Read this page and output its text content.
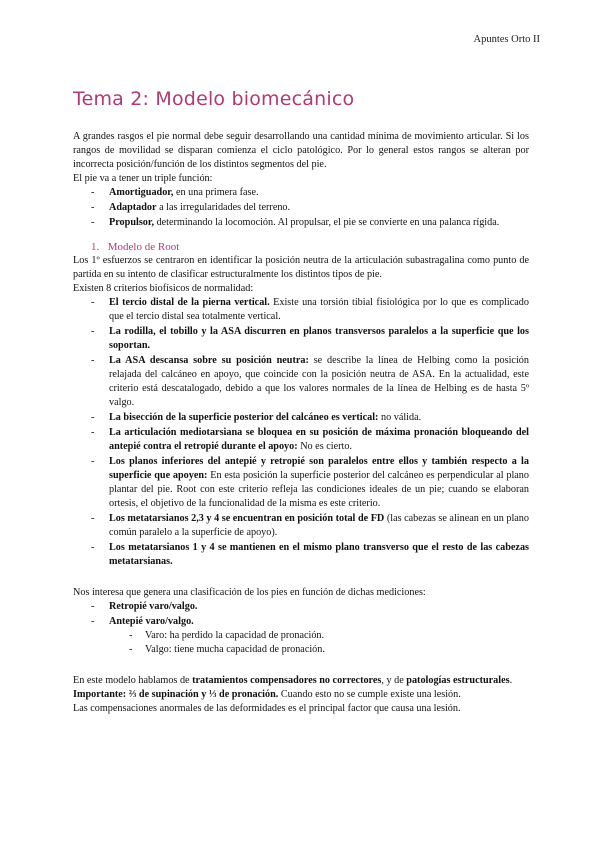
Apuntes Orto II
Tema 2: Modelo biomecánico

A grandes rasgos el pie normal debe seguir desarrollando una cantidad mínima de movimiento articular. Si los rangos de movilidad se disparan comienza el ciclo patológico. Por lo general estos rangos se alteran por incorrecta posición/función de los distintos segmentos del pie.

El pie va a tener un triple función:

- Amortiguador, en una primera fase.
- Adaptador a las irregularidades del terreno.
- Propulsor, determinando la locomoción. Al propulsar, el pie se convierte en una palanca rígida.
1. Modelo de Root

Los 1º esfuerzos se centraron en identificar la posición neutra de la articulación subastragalina como punto de partida en su intento de clasificar estructuralmente los distintos tipos de pie.

Existen 8 criterios biofísicos de normalidad:

- El tercio distal de la pierna vertical. Existe una torsión tibial fisiológica por lo que es complicado que el tercio distal sea totalmente vertical.
- La rodilla, el tobillo y la ASA discurren en planos transversos paralelos a la superficie que los soportan.
- La ASA descansa sobre su posición neutra: se describe la línea de Helbing como la posición relajada del calcáneo en apoyo, que coincide con la posición neutra de ASA. En la actualidad, este criterio está descatalogado, debido a que los valores normales de la línea de Helbing es de hasta 5º valgo.
- La bisección de la superficie posterior del calcáneo es vertical: no válida.
- La articulación mediotarsiana se bloquea en su posición de máxima pronación bloqueando del antepié contra el retropié durante el apoyo: No es cierto.
- Los planos inferiores del antepié y retropié son paralelos entre ellos y también respecto a la superficie que apoyen: En esta posición la superficie posterior del calcáneo es perpendicular al plano plantar del pie. Root con este criterio refleja las condiciones ideales de un pie; cuando se elaboran ortesis, el objetivo de la funcionalidad de la misma es este criterio.
- Los metatarsianos 2,3 y 4 se encuentran en posición total de FD (las cabezas se alinean en un plano común paralelo a la superficie de apoyo).
- Los metatarsianos 1 y 4 se mantienen en el mismo plano transverso que el resto de las cabezas metatarsianas.

Nos interesa que genera una clasificación de los pies en función de dichas mediciones:

- Retropié varo/valgo.
- Antepié varo/valgo.
- Varo: ha perdido la capacidad de pronación.
- Valgo: tiene mucha capacidad de pronación.

En este modelo hablamos de tratamientos compensadores no correctores, y de patologías estructurales.

Importante: ⅔ de supinación y ⅓ de pronación. Cuando esto no se cumple existe una lesión.

Las compensaciones anormales de las deformidades es el principal factor que causa una lesión.
